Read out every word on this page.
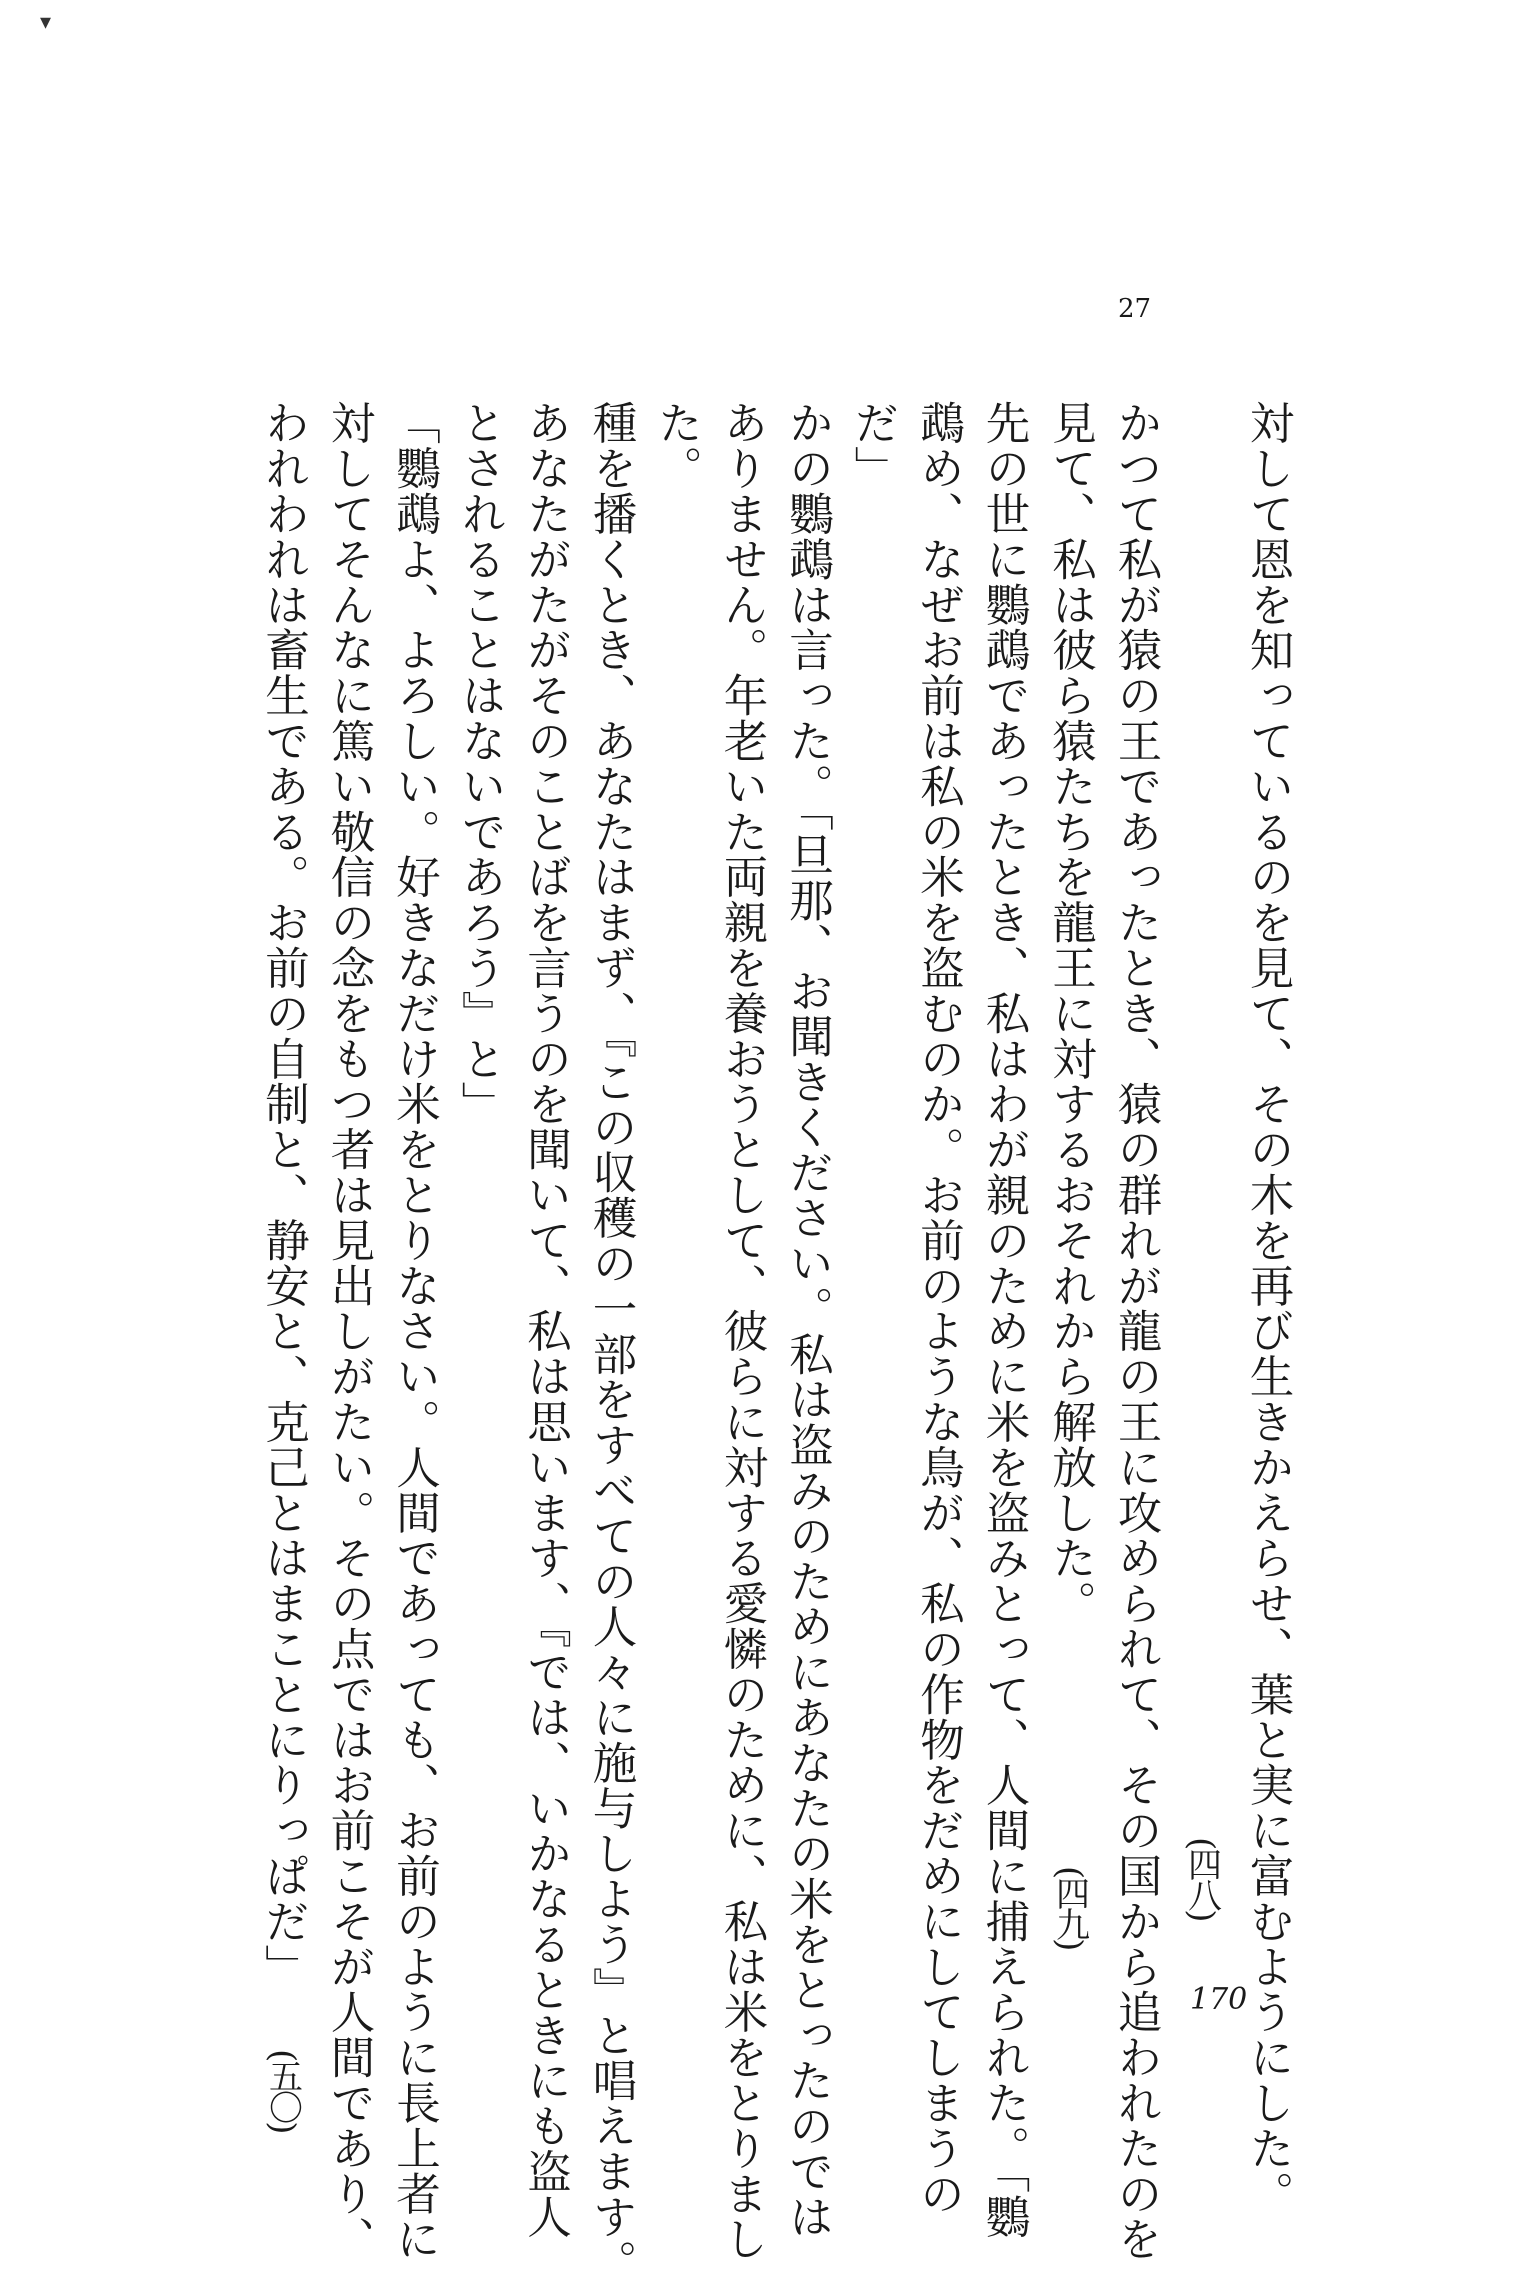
▾
27
対して恩を知っているのを見て、その木を再び生きかえらせ、葉と実に富むようにした。
(四八)
かつて私が猿の王であったとき、猿の群れが龍の王に攻められて、その国から追われたのを
見て、私は彼ら猿たちを龍王に対するおそれから解放した。(四九)
先の世に鸚鵡であったとき、私はわが親のために米を盗みとって、人間に捕えられた。「鸚
鵡め、なぜお前は私の米を盗むのか。お前のような鳥が、私の作物をだめにしてしまうの
だ」
かの鸚鵡は言った。「旦那、お聞きください。私は盗みのためにあなたの米をとったのでは
ありません。年老いた両親を養おうとして、彼らに対する愛憐のために、私は米をとりまし
た。
種を播くとき、あなたはまず、『この収穫の一部をすべての人々に施与しよう』と唱えます。
あなたがたがそのことばを言うのを聞いて、私は思います、『では、いかなるときにも盗人
とされることはないであろう』と」
「鸚鵡よ、よろしい。好きなだけ米をとりなさい。人間であっても、お前のように長上者に
対してそんなに篤い敬信の念をもつ者は見出しがたい。その点ではお前こそが人間であり、
われわれは畜生である。お前の自制と、静安と、克己とはまことにりっぱだ」(五〇)
170
